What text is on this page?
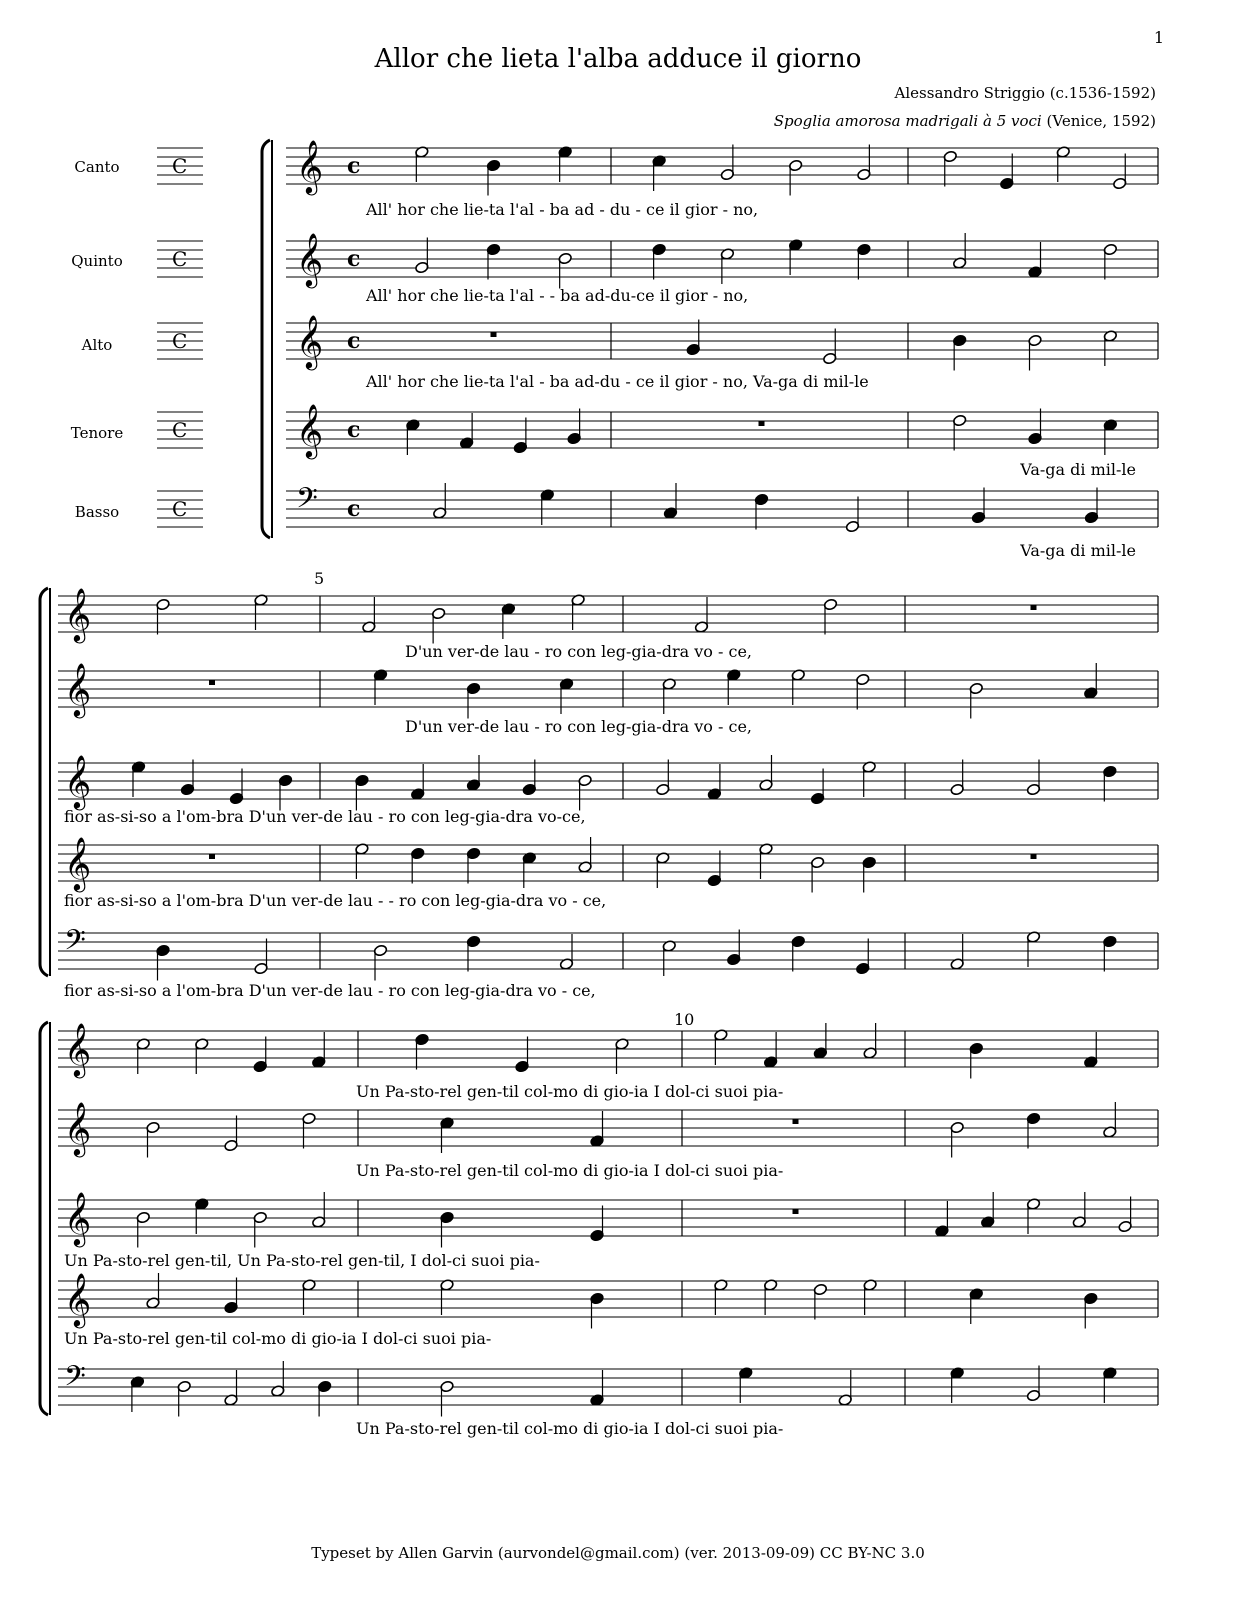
1
Allor che lieta l'alba adduce il giorno
Alessandro Striggio (c.1536-1592)
Spoglia amorosa madrigali à 5 voci (Venice, 1592)
Canto
Quinto
Alto
Tenore
Basso
C
C
C
C
C
𝄞 c
𝄞 c
𝄞 c
𝄞 c
𝄢 c
𝄞
𝄞
𝄞
𝄞
𝄢
𝄞
𝄞
𝄞
𝄞
𝄢
5
10
All' hor che lie-ta l'al - ba ad - du - ce il gior - no,
All' hor che lie-ta l'al - - ba ad-du-ce il gior - no,
All' hor che lie-ta l'al - ba ad-du - ce il gior - no, Va-ga di mil-le
Va-ga di mil-le
Va-ga di mil-le
D'un ver-de lau - ro con leg-gia-dra vo - ce,
D'un ver-de lau - ro con leg-gia-dra vo - ce,
fior as-si-so a l'om-bra D'un ver-de lau - ro con leg-gia-dra vo-ce,
fior as-si-so a l'om-bra D'un ver-de lau - - ro con leg-gia-dra vo - ce,
fior as-si-so a l'om-bra D'un ver-de lau - ro con leg-gia-dra vo - ce,
Un Pa-sto-rel gen-til col-mo di gio-ia I dol-ci suoi pia-
Un Pa-sto-rel gen-til col-mo di gio-ia I dol-ci suoi pia-
Un Pa-sto-rel gen-til, Un Pa-sto-rel gen-til, I dol-ci suoi pia-
Un Pa-sto-rel gen-til col-mo di gio-ia I dol-ci suoi pia-
Un Pa-sto-rel gen-til col-mo di gio-ia I dol-ci suoi pia-
Typeset by Allen Garvin (aurvondel@gmail.com) (ver. 2013-09-09) CC BY-NC 3.0
